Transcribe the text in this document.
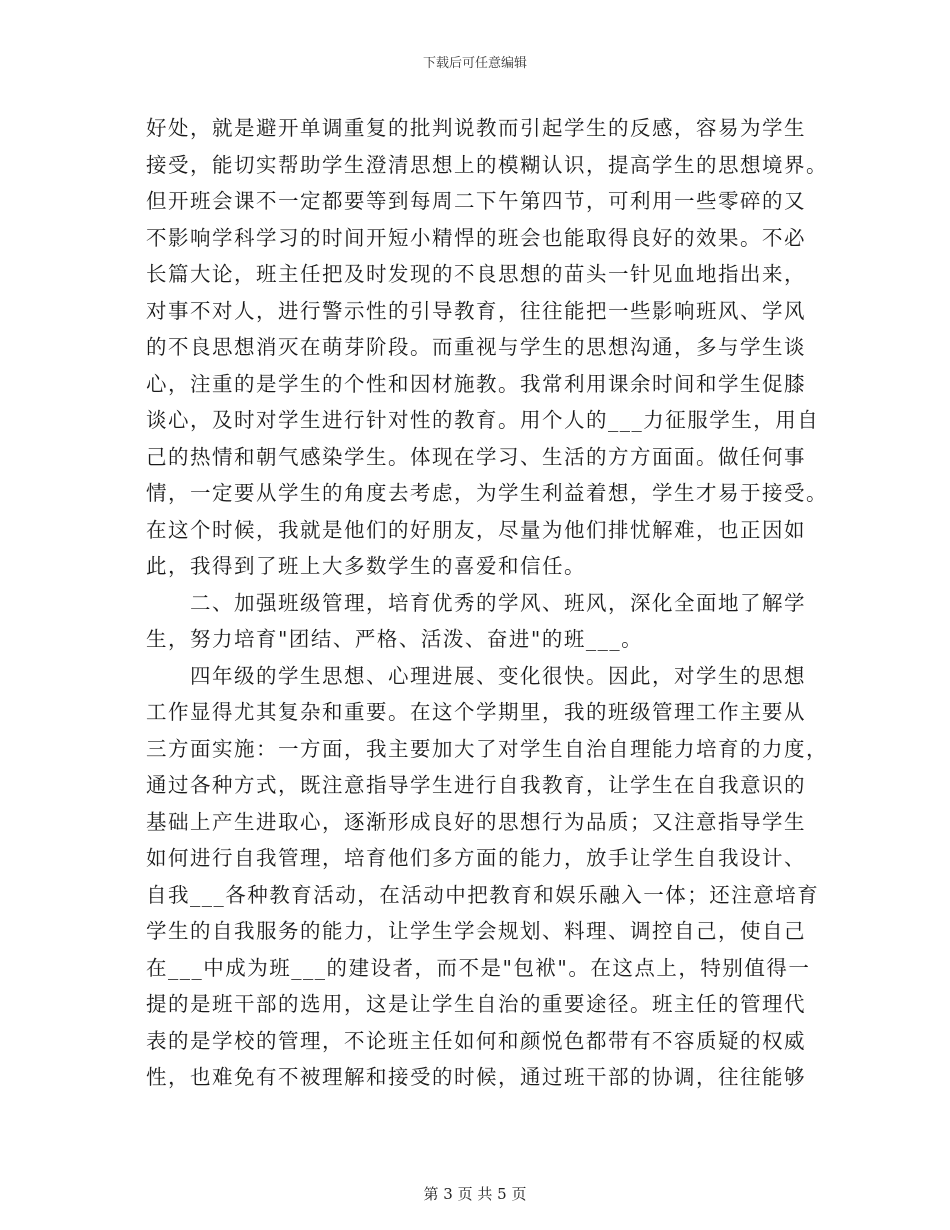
下载后可任意编辑
好处，就是避开单调重复的批判说教而引起学生的反感，容易为学生
接受，能切实帮助学生澄清思想上的模糊认识，提高学生的思想境界。
但开班会课不一定都要等到每周二下午第四节，可利用一些零碎的又
不影响学科学习的时间开短小精悍的班会也能取得良好的效果。不必
长篇大论，班主任把及时发现的不良思想的苗头一针见血地指出来，
对事不对人，进行警示性的引导教育，往往能把一些影响班风、学风
的不良思想消灭在萌芽阶段。而重视与学生的思想沟通，多与学生谈
心，注重的是学生的个性和因材施教。我常利用课余时间和学生促膝
谈心，及时对学生进行针对性的教育。用个人的___力征服学生，用自
己的热情和朝气感染学生。体现在学习、生活的方方面面。做任何事
情，一定要从学生的角度去考虑，为学生利益着想，学生才易于接受。
在这个时候，我就是他们的好朋友，尽量为他们排忧解难，也正因如
此，我得到了班上大多数学生的喜爱和信任。
　　二、加强班级管理，培育优秀的学风、班风，深化全面地了解学
生，努力培育"团结、严格、活泼、奋进"的班___。
　　四年级的学生思想、心理进展、变化很快。因此，对学生的思想
工作显得尤其复杂和重要。在这个学期里，我的班级管理工作主要从
三方面实施：一方面，我主要加大了对学生自治自理能力培育的力度，
通过各种方式，既注意指导学生进行自我教育，让学生在自我意识的
基础上产生进取心，逐渐形成良好的思想行为品质；又注意指导学生
如何进行自我管理，培育他们多方面的能力，放手让学生自我设计、
自我___各种教育活动，在活动中把教育和娱乐融入一体；还注意培育
学生的自我服务的能力，让学生学会规划、料理、调控自己，使自己
在___中成为班___的建设者，而不是"包袱"。在这点上，特别值得一
提的是班干部的选用，这是让学生自治的重要途径。班主任的管理代
表的是学校的管理，不论班主任如何和颜悦色都带有不容质疑的权威
性，也难免有不被理解和接受的时候，通过班干部的协调，往往能够
第 3 页 共 5 页
